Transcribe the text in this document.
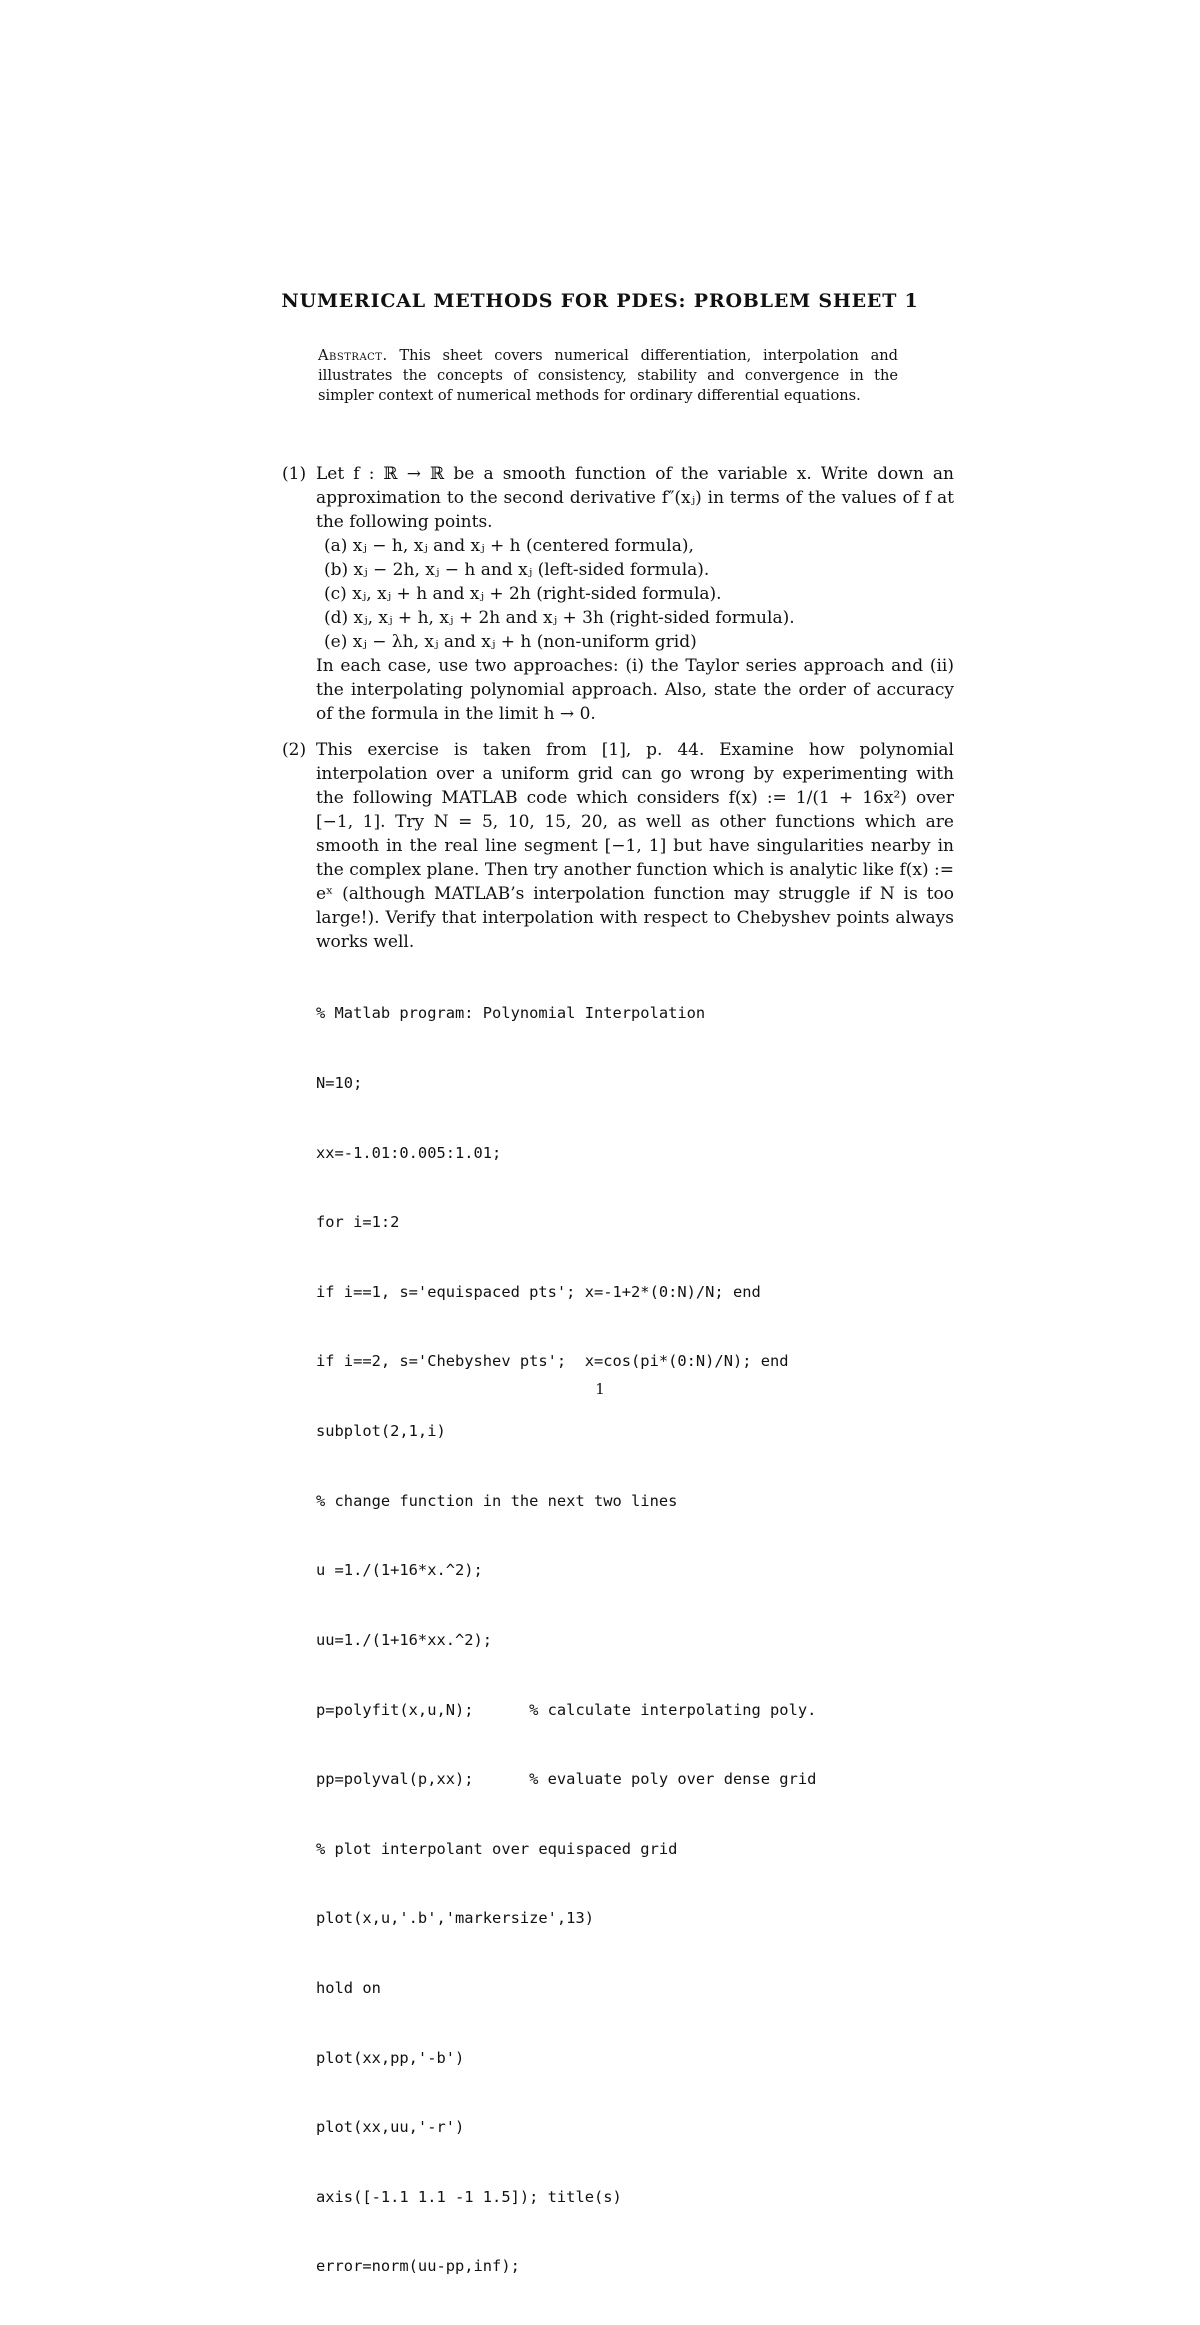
NUMERICAL METHODS FOR PDES: PROBLEM SHEET 1
Abstract. This sheet covers numerical differentiation, interpolation and illustrates the concepts of consistency, stability and convergence in the simpler context of numerical methods for ordinary differential equations.
(1) Let f : ℝ → ℝ be a smooth function of the variable x. Write down an approximation to the second derivative f″(xⱼ) in terms of the values of f at the following points.

(a) xⱼ − h, xⱼ and xⱼ + h (centered formula),
(b) xⱼ − 2h, xⱼ − h and xⱼ (left-sided formula).
(c) xⱼ, xⱼ + h and xⱼ + 2h (right-sided formula).
(d) xⱼ, xⱼ + h, xⱼ + 2h and xⱼ + 3h (right-sided formula).
(e) xⱼ − λh, xⱼ and xⱼ + h (non-uniform grid)

In each case, use two approaches: (i) the Taylor series approach and (ii) the interpolating polynomial approach. Also, state the order of accuracy of the formula in the limit h → 0.

(2) This exercise is taken from [1], p. 44. Examine how polynomial interpolation over a uniform grid can go wrong by experimenting with the following MATLAB code which considers f(x) := 1/(1 + 16x²) over [−1, 1]. Try N = 5, 10, 15, 20, as well as other functions which are smooth in the real line segment [−1, 1] but have singularities nearby in the complex plane. Then try another function which is analytic like f(x) := eˣ (although MATLAB’s interpolation function may struggle if N is too large!). Verify that interpolation with respect to Chebyshev points always works well.

% Matlab program: Polynomial Interpolation

N=10;

xx=-1.01:0.005:1.01;

for i=1:2

if i==1, s='equispaced pts'; x=-1+2*(0:N)/N; end

if i==2, s='Chebyshev pts';  x=cos(pi*(0:N)/N); end

subplot(2,1,i)

% change function in the next two lines

u =1./(1+16*x.^2);

uu=1./(1+16*xx.^2);

p=polyfit(x,u,N);      % calculate interpolating poly.

pp=polyval(p,xx);      % evaluate poly over dense grid

% plot interpolant over equispaced grid

plot(x,u,'.b','markersize',13)

hold on

plot(xx,pp,'-b')

plot(xx,uu,'-r')

axis([-1.1 1.1 -1 1.5]); title(s)

error=norm(uu-pp,inf);

1
